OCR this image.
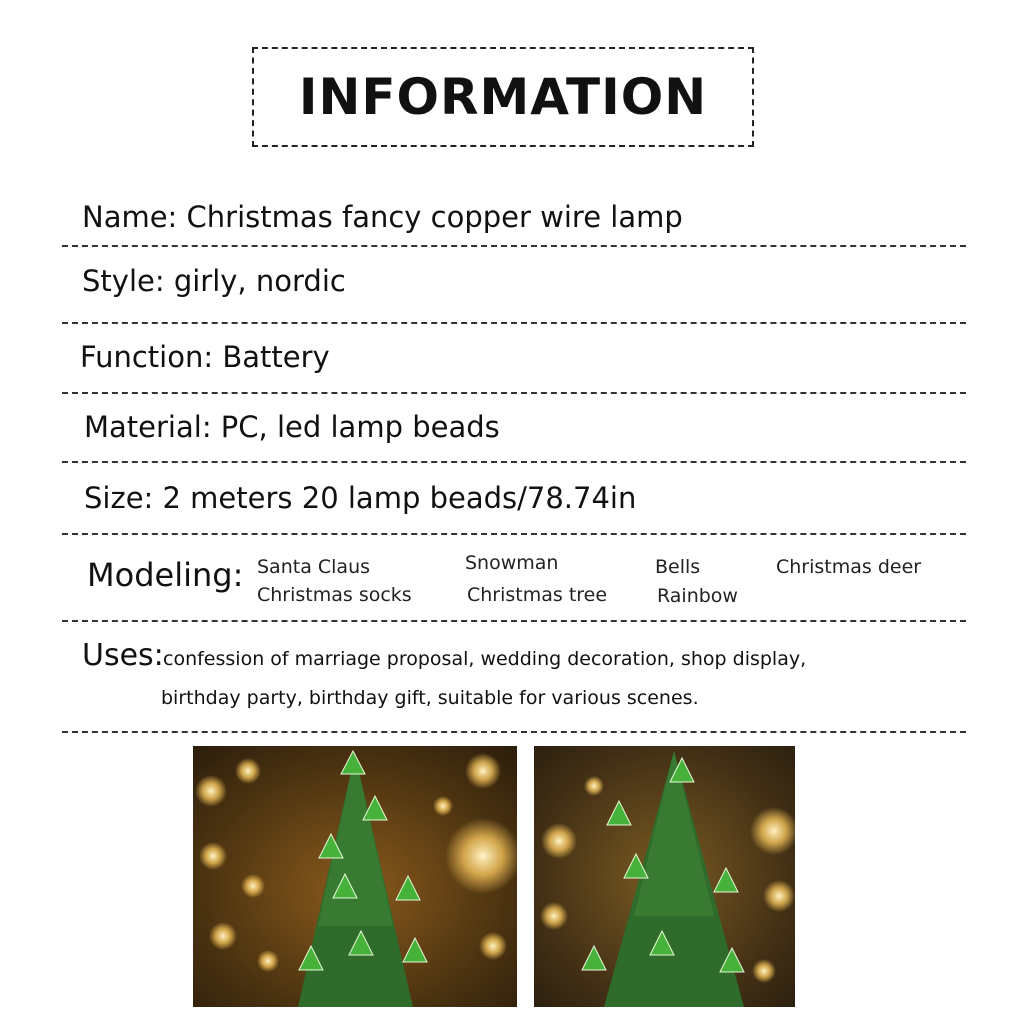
INFORMATION
Name: Christmas fancy copper wire lamp
Style: girly, nordic
Function: Battery
Material: PC, led lamp beads
Size: 2 meters 20 lamp beads/78.74in
Modeling: Santa Claus	Snowman	Bells	Christmas deer
Christmas socks	Christmas tree	Rainbow
Uses: confession of marriage proposal, wedding decoration, shop display,
birthday party, birthday gift, suitable for various scenes.
